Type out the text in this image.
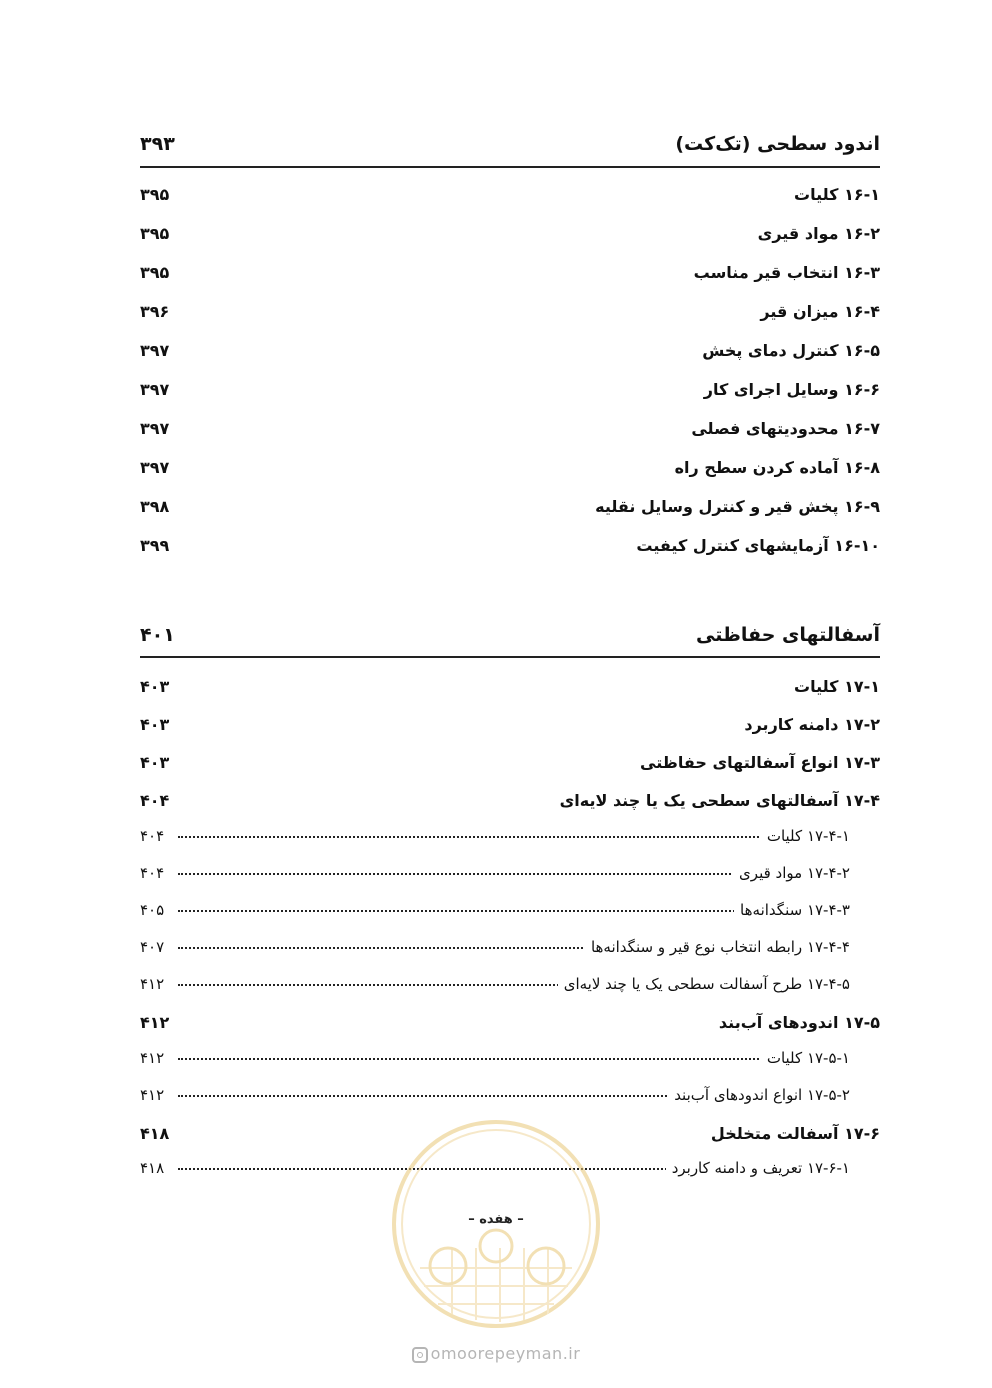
اندود سطحی (تک‌کت)
۳۹۳
۱۶-۱ کلیات
۳۹۵
۱۶-۲ مواد قیری
۳۹۵
۱۶-۳ انتخاب قیر مناسب
۳۹۵
۱۶-۴ میزان قیر
۳۹۶
۱۶-۵ کنترل دمای پخش
۳۹۷
۱۶-۶ وسایل اجرای کار
۳۹۷
۱۶-۷ محدودیتهای فصلی
۳۹۷
۱۶-۸ آماده کردن سطح راه
۳۹۷
۱۶-۹ پخش قیر و کنترل وسایل نقلیه
۳۹۸
۱۶-۱۰ آزمایشهای کنترل کیفیت
۳۹۹
آسفالتهای حفاظتی
۴۰۱
۱۷-۱ کلیات
۴۰۳
۱۷-۲ دامنه کاربرد
۴۰۳
۱۷-۳ انواع آسفالتهای حفاظتی
۴۰۳
۱۷-۴ آسفالتهای سطحی یک یا چند لایه‌ای
۴۰۴
۱۷-۴-۱ کلیات
۴۰۴
۱۷-۴-۲ مواد قیری
۴۰۴
۱۷-۴-۳ سنگدانه‌ها
۴۰۵
۱۷-۴-۴ رابطه انتخاب نوع قیر و سنگدانه‌ها
۴۰۷
۱۷-۴-۵ طرح آسفالت سطحی یک یا چند لایه‌ای
۴۱۲
۱۷-۵ اندودهای آب‌بند
۴۱۲
۱۷-۵-۱ کلیات
۴۱۲
۱۷-۵-۲ انواع اندودهای آب‌بند
۴۱۲
۱۷-۶ آسفالت متخلخل
۴۱۸
۱۷-۶-۱ تعریف و دامنه کاربرد
۴۱۸
– هفده –
omoorepeyman.ir
